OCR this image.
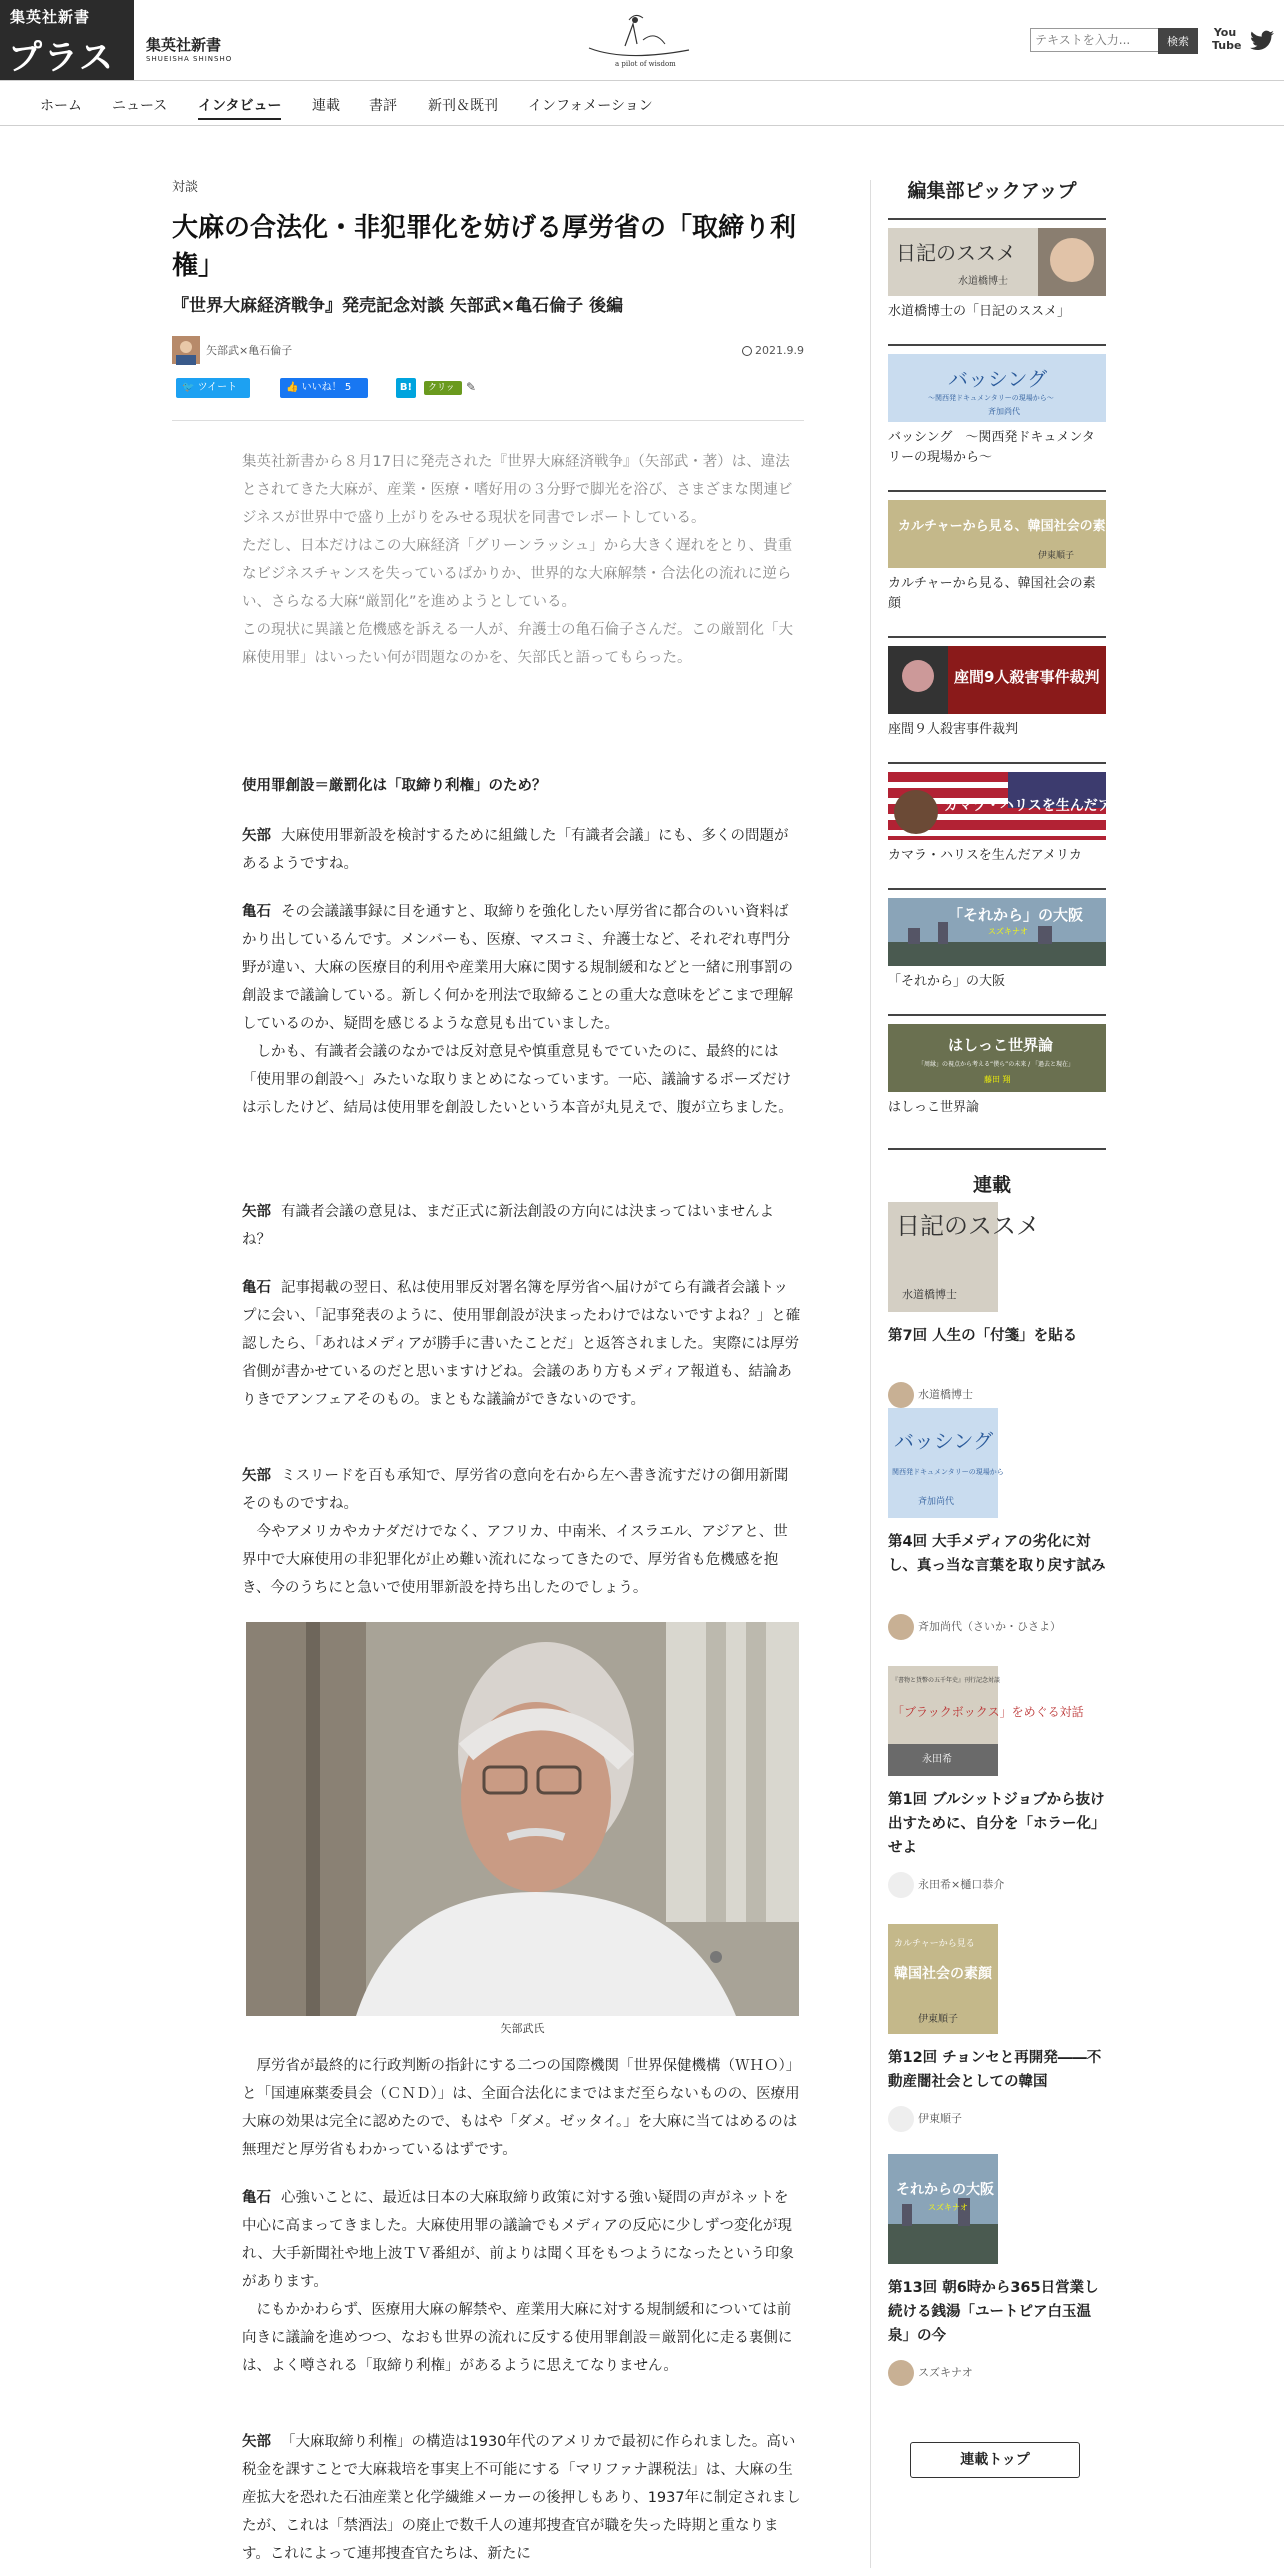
集英社新書
プラス 集英社新書
SHUEISHA SHINSHO
a pilot of wisdom
テキストを入力...
検索
You Tube
ホーム ニュース インタビュー 連載 書評 新刊＆既刊 インフォメーション
対談
大麻の合法化・非犯罪化を妨げる厚労省の「取締り利権」
『世界大麻経済戦争』発売記念対談 矢部武×亀石倫子 後編
矢部武×亀石倫子	2021.9.9
🐦 ツイート	👍 いいね！ 5	B!	クリップ
✎

集英社新書から８月17日に発売された『世界大麻経済戦争』（矢部武・著）は、違法とされてきた大麻が、産業・医療・嗜好用の３分野で脚光を浴び、さまざまな関連ビジネスが世界中で盛り上がりをみせる現状を同書でレポートしている。

ただし、日本だけはこの大麻経済「グリーンラッシュ」から大きく遅れをとり、貴重なビジネスチャンスを失っているばかりか、世界的な大麻解禁・合法化の流れに逆らい、さらなる大麻“厳罰化”を進めようとしている。

この現状に異議と危機感を訴える一人が、弁護士の亀石倫子さんだ。この厳罰化「大麻使用罪」はいったい何が問題なのかを、矢部氏と語ってもらった。

使用罪創設＝厳罰化は「取締り利権」のため？
矢部 大麻使用罪新設を検討するために組織した「有識者会議」にも、多くの問題があるようですね。
亀石 その会議議事録に目を通すと、取締りを強化したい厚労省に都合のいい資料ばかり出しているんです。メンバーも、医療、マスコミ、弁護士など、それぞれ専門分野が違い、大麻の医療目的利用や産業用大麻に関する規制緩和などと一緒に刑事罰の創設まで議論している。新しく何かを刑法で取締ることの重大な意味をどこまで理解しているのか、疑問を感じるような意見も出ていました。

しかも、有識者会議のなかでは反対意見や慎重意見もでていたのに、最終的には「使用罪の創設へ」みたいな取りまとめになっています。一応、議論するポーズだけは示したけど、結局は使用罪を創設したいという本音が丸見えで、腹が立ちました。

矢部 有識者会議の意見は、まだ正式に新法創設の方向には決まってはいませんよね？
亀石 記事掲載の翌日、私は使用罪反対署名簿を厚労省へ届けがてら有識者会議トップに会い、「記事発表のように、使用罪創設が決まったわけではないですよね？」と確認したら、「あれはメディアが勝手に書いたことだ」と返答されました。実際には厚労省側が書かせているのだと思いますけどね。会議のあり方もメディア報道も、結論ありきでアンフェアそのもの。まともな議論ができないのです。
矢部 ミスリードを百も承知で、厚労省の意向を右から左へ書き流すだけの御用新聞そのものですね。

今やアメリカやカナダだけでなく、アフリカ、中南米、イスラエル、アジアと、世界中で大麻使用の非犯罪化が止め難い流れになってきたので、厚労省も危機感を抱き、今のうちにと急いで使用罪新設を持ち出したのでしょう。

矢部武氏
厚労省が最終的に行政判断の指針にする二つの国際機関「世界保健機構（ＷＨＯ）」と「国連麻薬委員会（ＣＮＤ）」は、全面合法化にまではまだ至らないものの、医療用大麻の効果は完全に認めたので、もはや「ダメ。ゼッタイ。」を大麻に当てはめるのは無理だと厚労省もわかっているはずです。
亀石 心強いことに、最近は日本の大麻取締り政策に対する強い疑問の声がネットを中心に高まってきました。大麻使用罪の議論でもメディアの反応に少しずつ変化が現れ、大手新聞社や地上波ＴＶ番組が、前よりは聞く耳をもつようになったという印象があります。

にもかかわらず、医療用大麻の解禁や、産業用大麻に対する規制緩和については前向きに議論を進めつつ、なおも世界の流れに反する使用罪創設＝厳罰化に走る裏側には、よく噂される「取締り利権」があるように思えてなりません。

矢部 「大麻取締り利権」の構造は1930年代のアメリカで最初に作られました。高い税金を課すことで大麻栽培を事実上不可能にする「マリファナ課税法」は、大麻の生産拡大を恐れた石油産業と化学繊維メーカーの後押しもあり、1937年に制定されましたが、これは「禁酒法」の廃止で数千人の連邦捜査官が職を失った時期と重なります。これによって連邦捜査官たちは、新たに
編集部ピックアップ
日記のススメ
水道橋博士
水道橋博士の「日記のススメ」
バッシング
～関西発ドキュメンタリーの現場から～
斉加尚代
バッシング　～関西発ドキュメンタリーの現場から～
カルチャーから見る、韓国社会の素顔
伊東順子
カルチャーから見る、韓国社会の素顔
座間9人殺害事件裁判
座間９人殺害事件裁判
カマラ・ハリスを生んだアメリカ
カマラ・ハリスを生んだアメリカ
「それから」の大阪
スズキナオ
「それから」の大阪
はしっこ世界論
「周縁」の視点から考える“僕ら”の未来 / 「過去と現在」
藤田 翔
はしっこ世界論
連載
日記のススメ
水道橋博士
第7回 人生の「付箋」を貼る
水道橋博士
バッシング
関西発ドキュメンタリーの現場から
斉加尚代
第4回 大手メディアの劣化に対し、真っ当な言葉を取り戻す試み
斉加尚代（さいか・ひさよ）
『書物と貨幣の五千年史』刊行記念対談
「ブラックボックス」をめぐる対話
永田希
第1回 ブルシットジョブから抜け出すために、自分を「ホラー化」せよ
永田希×樋口恭介
カルチャーから見る
韓国社会の素顔
伊東順子
第12回 チョンセと再開発――不動産闇社会としての韓国
伊東順子
それからの大阪
スズキナオ
第13回 朝6時から365日営業し続ける銭湯「ユートピア白玉温泉」の今
スズキナオ
連載トップ
